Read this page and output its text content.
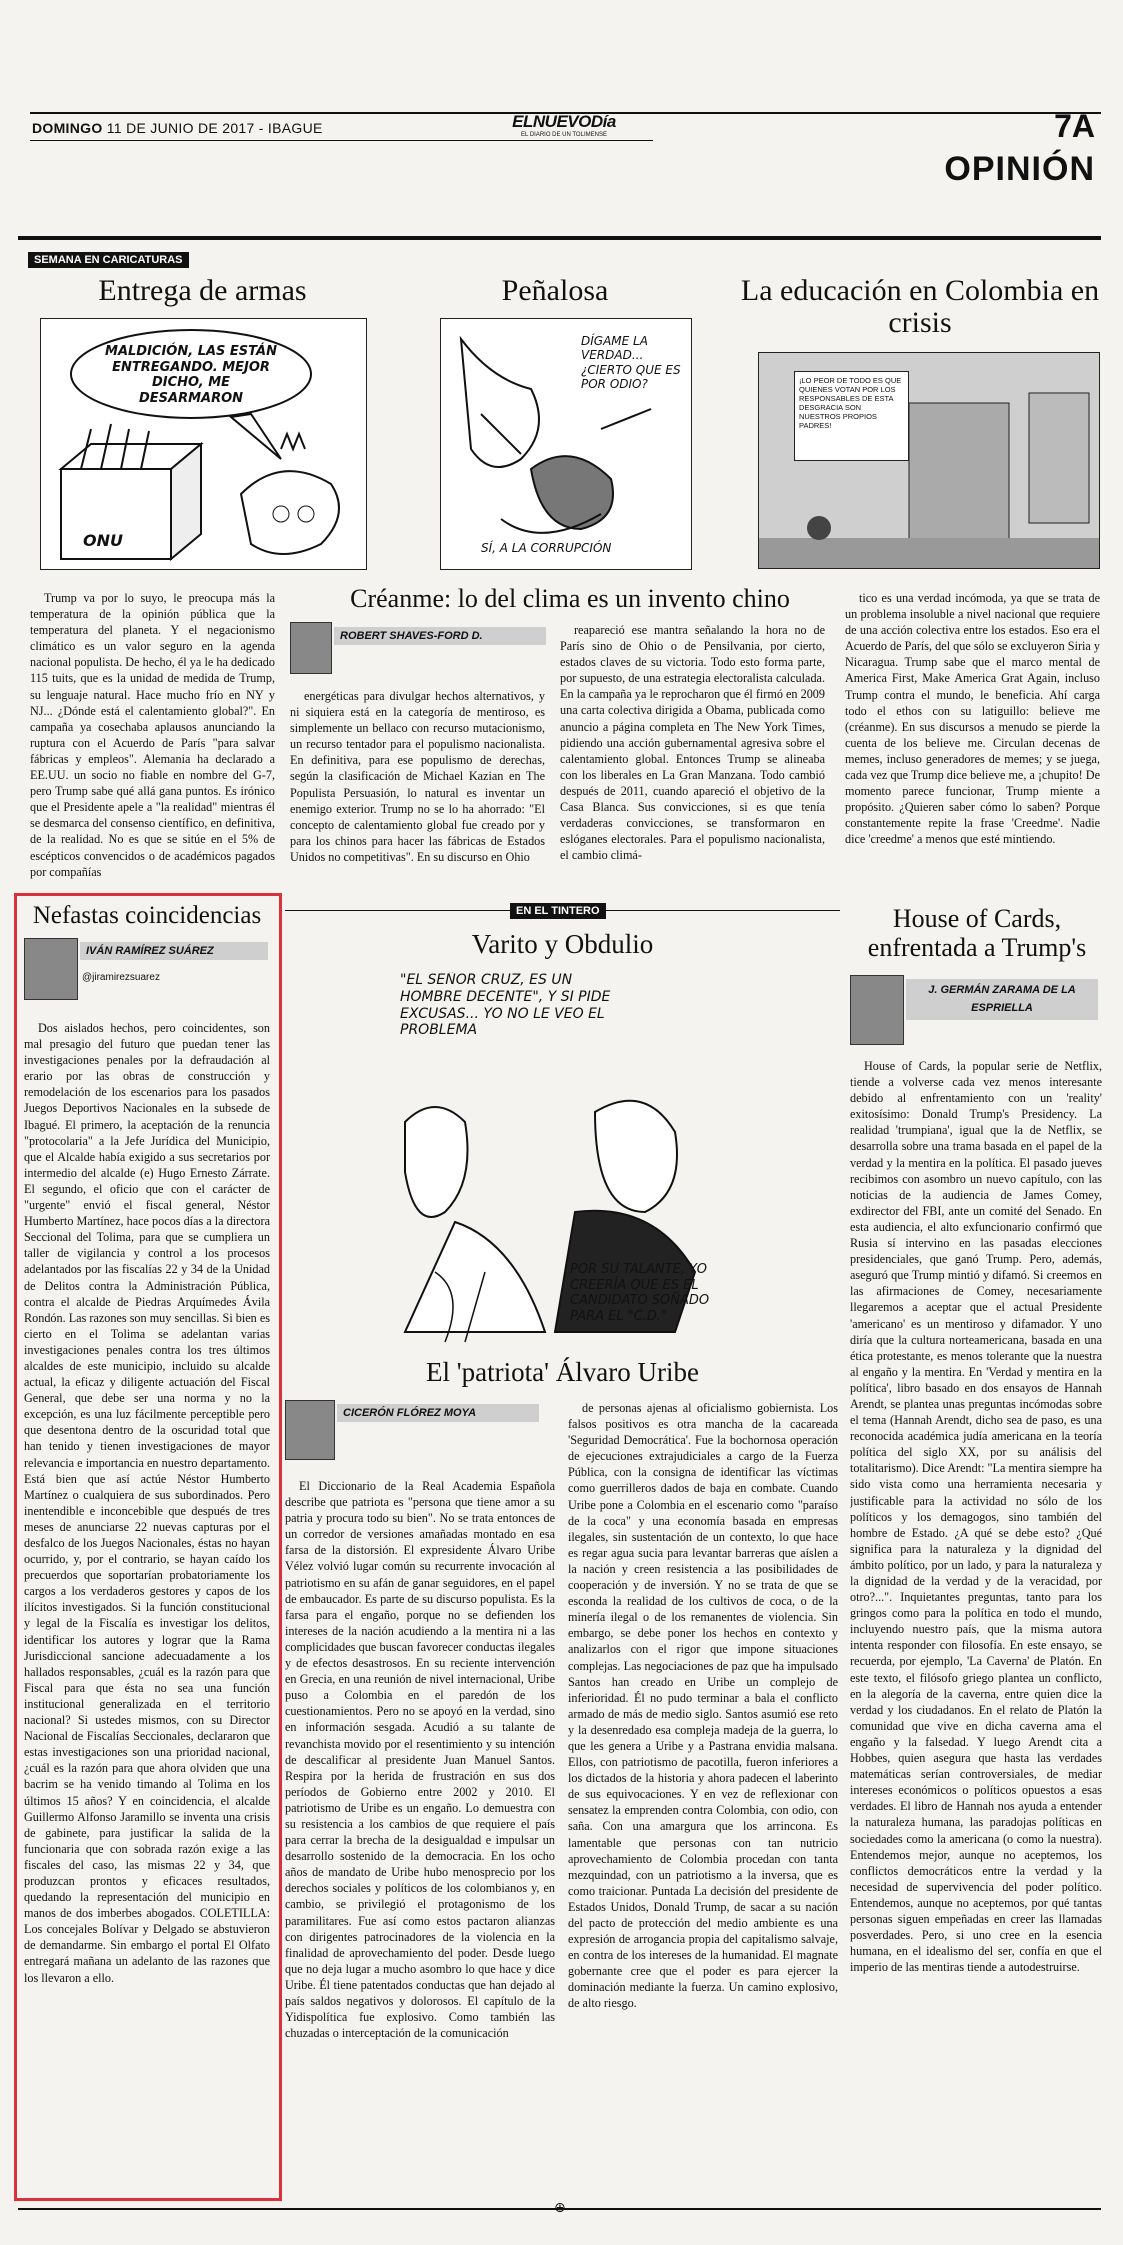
DOMINGO 11 DE JUNIO DE 2017 - IBAGUE	ELNUEVODía
EL DIARIO DE UN TOLIMENSE	7A
OPINIÓN
SEMANA EN CARICATURAS
Entrega de armas
MALDICIÓN, LAS ESTÁN ENTREGANDO. MEJOR DICHO, ME DESARMARON
ONU
Peñalosa
DÍGAME LA VERDAD... ¿CIERTO QUE ES POR ODIO?
SÍ, A LA CORRUPCIÓN
La educación en Colombia en crisis
¡LO PEOR DE TODO ES QUE QUIENES VOTAN POR LOS RESPONSABLES DE ESTA DESGRACIA SON NUESTROS PROPIOS PADRES!
Créanme: lo del clima es un invento chino

Trump va por lo suyo, le preocupa más la temperatura de la opinión pública que la temperatura del planeta. Y el negacionismo climático es un valor seguro en la agenda nacional populista. De hecho, él ya le ha dedicado 115 tuits, que es la unidad de medida de Trump, su lenguaje natural. Hace mucho frío en NY y NJ... ¿Dónde está el calentamiento global?". En campaña ya cosechaba aplausos anunciando la ruptura con el Acuerdo de París "para salvar fábricas y empleos". Alemania ha declarado a EE.UU. un socio no fiable en nombre del G-7, pero Trump sabe qué allá gana puntos. Es irónico que el Presidente apele a "la realidad" mientras él se desmarca del consenso científico, en definitiva, de la realidad. No es que se sitúe en el 5% de escépticos convencidos o de académicos pagados por compañías

ROBERT SHAVES-FORD D.

energéticas para divulgar hechos alternativos, y ni siquiera está en la categoría de mentiroso, es simplemente un bellaco con recurso mutacionismo, un recurso tentador para el populismo nacionalista. En definitiva, para ese populismo de derechas, según la clasificación de Michael Kazian en The Populista Persuasión, lo natural es inventar un enemigo exterior. Trump no se lo ha ahorrado: "El concepto de calentamiento global fue creado por y para los chinos para hacer las fábricas de Estados Unidos no competitivas". En su discurso en Ohio

reapareció ese mantra señalando la hora no de París sino de Ohio o de Pensilvania, por cierto, estados claves de su victoria. Todo esto forma parte, por supuesto, de una estrategia electoralista calculada. En la campaña ya le reprocharon que él firmó en 2009 una carta colectiva dirigida a Obama, publicada como anuncio a página completa en The New York Times, pidiendo una acción gubernamental agresiva sobre el calentamiento global. Entonces Trump se alineaba con los liberales en La Gran Manzana. Todo cambió después de 2011, cuando apareció el objetivo de la Casa Blanca. Sus convicciones, si es que tenía verdaderas convicciones, se transformaron en eslóganes electorales. Para el populismo nacionalista, el cambio climá-

tico es una verdad incómoda, ya que se trata de un problema insoluble a nivel nacional que requiere de una acción colectiva entre los estados. Eso era el Acuerdo de París, del que sólo se excluyeron Siria y Nicaragua. Trump sabe que el marco mental de America First, Make America Grat Again, incluso Trump contra el mundo, le beneficia. Ahí carga todo el ethos con su latiguillo: believe me (créanme). En sus discursos a menudo se pierde la cuenta de los believe me. Circulan decenas de memes, incluso generadores de memes; y se juega, cada vez que Trump dice believe me, a ¡chupito! De momento parece funcionar, Trump miente a propósito. ¿Quieren saber cómo lo saben? Porque constantemente repite la frase 'Creedme'. Nadie dice 'creedme' a menos que esté mintiendo.

Nefastas coincidencias
IVÁN RAMÍREZ SUÁREZ
@jiramirezsuarez

Dos aislados hechos, pero coincidentes, son mal presagio del futuro que puedan tener las investigaciones penales por la defraudación al erario por las obras de construcción y remodelación de los escenarios para los pasados Juegos Deportivos Nacionales en la subsede de Ibagué. El primero, la aceptación de la renuncia "protocolaria" a la Jefe Jurídica del Municipio, que el Alcalde había exigido a sus secretarios por intermedio del alcalde (e) Hugo Ernesto Zárrate. El segundo, el oficio que con el carácter de "urgente" envió el fiscal general, Néstor Humberto Martínez, hace pocos días a la directora Seccional del Tolima, para que se cumpliera un taller de vigilancia y control a los procesos adelantados por las fiscalías 22 y 34 de la Unidad de Delitos contra la Administración Pública, contra el alcalde de Piedras Arquímedes Ávila Rondón. Las razones son muy sencillas. Si bien es cierto en el Tolima se adelantan varias investigaciones penales contra los tres últimos alcaldes de este municipio, incluido su alcalde actual, la eficaz y diligente actuación del Fiscal General, que debe ser una norma y no la excepción, es una luz fácilmente perceptible pero que desentona dentro de la oscuridad total que han tenido y tienen investigaciones de mayor relevancia e importancia en nuestro departamento. Está bien que así actúe Néstor Humberto Martínez o cualquiera de sus subordinados. Pero inentendible e inconcebible que después de tres meses de anunciarse 22 nuevas capturas por el desfalco de los Juegos Nacionales, éstas no hayan ocurrido, y, por el contrario, se hayan caído los precuerdos que soportarían probatoriamente los cargos a los verdaderos gestores y capos de los ilícitos investigados. Si la función constitucional y legal de la Fiscalía es investigar los delitos, identificar los autores y lograr que la Rama Jurisdiccional sancione adecuadamente a los hallados responsables, ¿cuál es la razón para que Fiscal para que ésta no sea una función institucional generalizada en el territorio nacional? Si ustedes mismos, con su Director Nacional de Fiscalías Seccionales, declararon que estas investigaciones son una prioridad nacional, ¿cuál es la razón para que ahora olviden que una bacrim se ha venido timando al Tolima en los últimos 15 años? Y en coincidencia, el alcalde Guillermo Alfonso Jaramillo se inventa una crisis de gabinete, para justificar la salida de la funcionaria que con sobrada razón exige a las fiscales del caso, las mismas 22 y 34, que produzcan prontos y eficaces resultados, quedando la representación del municipio en manos de dos imberbes abogados. COLETILLA: Los concejales Bolívar y Delgado se abstuvieron de demandarme. Sin embargo el portal El Olfato entregará mañana un adelanto de las razones que los llevaron a ello.

EN EL TINTERO
Varito y Obdulio
"EL SEÑOR CRUZ, ES UN HOMBRE DECENTE", Y SI PIDE EXCUSAS... YO NO LE VEO EL PROBLEMA
POR SU TALANTE, YO CREERÍA QUE ES EL CANDIDATO SOÑADO PARA EL "C.D."
El 'patriota' Álvaro Uribe
CICERÓN FLÓREZ MOYA

El Diccionario de la Real Academia Española describe que patriota es "persona que tiene amor a su patria y procura todo su bien". No se trata entonces de un corredor de versiones amañadas montado en esa farsa de la distorsión. El expresidente Álvaro Uribe Vélez volvió lugar común su recurrente invocación al patriotismo en su afán de ganar seguidores, en el papel de embaucador. Es parte de su discurso populista. Es la farsa para el engaño, porque no se defienden los intereses de la nación acudiendo a la mentira ni a las complicidades que buscan favorecer conductas ilegales y de efectos desastrosos. En su reciente intervención en Grecia, en una reunión de nivel internacional, Uribe puso a Colombia en el paredón de los cuestionamientos. Pero no se apoyó en la verdad, sino en información sesgada. Acudió a su talante de revanchista movido por el resentimiento y su intención de descalificar al presidente Juan Manuel Santos. Respira por la herida de frustración en sus dos períodos de Gobierno entre 2002 y 2010. El patriotismo de Uribe es un engaño. Lo demuestra con su resistencia a los cambios de que requiere el país para cerrar la brecha de la desigualdad e impulsar un desarrollo sostenido de la democracia. En los ocho años de mandato de Uribe hubo menosprecio por los derechos sociales y políticos de los colombianos y, en cambio, se privilegió el protagonismo de los paramilitares. Fue así como estos pactaron alianzas con dirigentes patrocinadores de la violencia en la finalidad de aprovechamiento del poder. Desde luego que no deja lugar a mucho asombro lo que hace y dice Uribe. Él tiene patentados conductas que han dejado al país saldos negativos y dolorosos. El capítulo de la Yidispolítica fue explosivo. Como también las chuzadas o interceptación de la comunicación

de personas ajenas al oficialismo gobiernista. Los falsos positivos es otra mancha de la cacareada 'Seguridad Democrática'. Fue la bochornosa operación de ejecuciones extrajudiciales a cargo de la Fuerza Pública, con la consigna de identificar las víctimas como guerrilleros dados de baja en combate. Cuando Uribe pone a Colombia en el escenario como "paraíso de la coca" y una economía basada en empresas ilegales, sin sustentación de un contexto, lo que hace es regar agua sucia para levantar barreras que aíslen a la nación y creen resistencia a las posibilidades de cooperación y de inversión. Y no se trata de que se esconda la realidad de los cultivos de coca, o de la minería ilegal o de los remanentes de violencia. Sin embargo, se debe poner los hechos en contexto y analizarlos con el rigor que impone situaciones complejas. Las negociaciones de paz que ha impulsado Santos han creado en Uribe un complejo de inferioridad. Él no pudo terminar a bala el conflicto armado de más de medio siglo. Santos asumió ese reto y la desenredado esa compleja madeja de la guerra, lo que les genera a Uribe y a Pastrana envidia malsana. Ellos, con patriotismo de pacotilla, fueron inferiores a los dictados de la historia y ahora padecen el laberinto de sus equivocaciones. Y en vez de reflexionar con sensatez la emprenden contra Colombia, con odio, con saña. Con una amargura que los arrincona. Es lamentable que personas con tan nutricio aprovechamiento de Colombia procedan con tanta mezquindad, con un patriotismo a la inversa, que es como traicionar. Puntada La decisión del presidente de Estados Unidos, Donald Trump, de sacar a su nación del pacto de protección del medio ambiente es una expresión de arrogancia propia del capitalismo salvaje, en contra de los intereses de la humanidad. El magnate gobernante cree que el poder es para ejercer la dominación mediante la fuerza. Un camino explosivo, de alto riesgo.

House of Cards, enfrentada a Trump's
J. GERMÁN ZARAMA DE LA ESPRIELLA

House of Cards, la popular serie de Netflix, tiende a volverse cada vez menos interesante debido al enfrentamiento con un 'reality' exitosísimo: Donald Trump's Presidency. La realidad 'trumpiana', igual que la de Netflix, se desarrolla sobre una trama basada en el papel de la verdad y la mentira en la política. El pasado jueves recibimos con asombro un nuevo capítulo, con las noticias de la audiencia de James Comey, exdirector del FBI, ante un comité del Senado. En esta audiencia, el alto exfuncionario confirmó que Rusia sí intervino en las pasadas elecciones presidenciales, que ganó Trump. Pero, además, aseguró que Trump mintió y difamó. Si creemos en las afirmaciones de Comey, necesariamente llegaremos a aceptar que el actual Presidente 'americano' es un mentiroso y difamador. Y uno diría que la cultura norteamericana, basada en una ética protestante, es menos tolerante que la nuestra al engaño y la mentira. En 'Verdad y mentira en la política', libro basado en dos ensayos de Hannah Arendt, se plantea unas preguntas incómodas sobre el tema (Hannah Arendt, dicho sea de paso, es una reconocida académica judía americana en la teoría política del siglo XX, por su análisis del totalitarismo). Dice Arendt: "La mentira siempre ha sido vista como una herramienta necesaria y justificable para la actividad no sólo de los políticos y los demagogos, sino también del hombre de Estado. ¿A qué se debe esto? ¿Qué significa para la naturaleza y la dignidad del ámbito político, por un lado, y para la naturaleza y la dignidad de la verdad y de la veracidad, por otro?...". Inquietantes preguntas, tanto para los gringos como para la política en todo el mundo, incluyendo nuestro país, que la misma autora intenta responder con filosofía. En este ensayo, se recuerda, por ejemplo, 'La Caverna' de Platón. En este texto, el filósofo griego plantea un conflicto, en la alegoría de la caverna, entre quien dice la verdad y los ciudadanos. En el relato de Platón la comunidad que vive en dicha caverna ama el engaño y la falsedad. Y luego Arendt cita a Hobbes, quien asegura que hasta las verdades matemáticas serían controversiales, de mediar intereses económicos o políticos opuestos a esas verdades. El libro de Hannah nos ayuda a entender la naturaleza humana, las paradojas políticas en sociedades como la americana (o como la nuestra). Entendemos mejor, aunque no aceptemos, los conflictos democráticos entre la verdad y la necesidad de supervivencia del poder político. Entendemos, aunque no aceptemos, por qué tantas personas siguen empeñadas en creer las llamadas posverdades. Pero, si uno cree en la esencia humana, en el idealismo del ser, confía en que el imperio de las mentiras tiende a autodestruirse.

⊕
